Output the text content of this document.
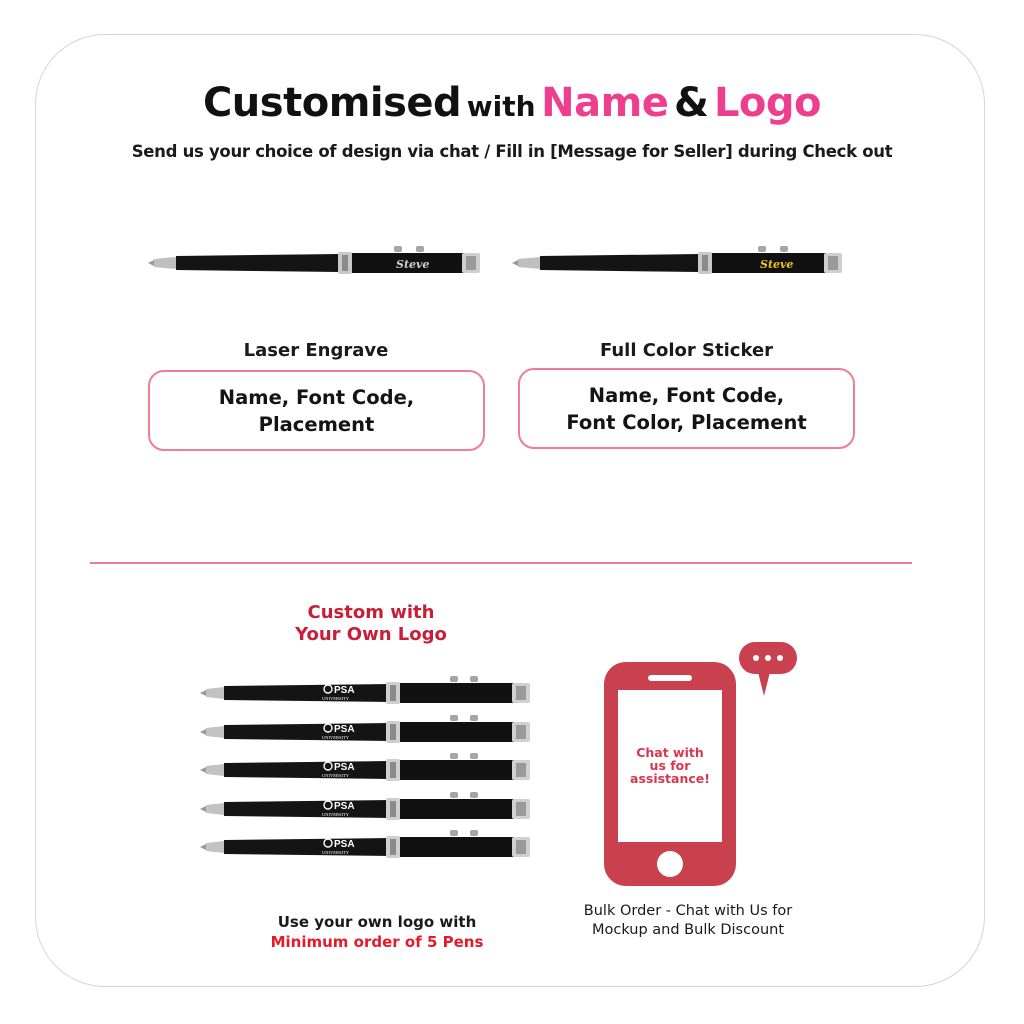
Customised with Name & Logo
Send us your choice of design via chat / Fill in [Message for Seller] during Check out
Steve	Steve
Laser Engrave
Name, Font Code,
Placement
Full Color Sticker
Name, Font Code,
Font Color, Placement
Custom with
Your Own Logo
PSA
UNIVERSITY
PSA
UNIVERSITY
PSA
UNIVERSITY
PSA
UNIVERSITY
PSA
UNIVERSITY
Use your own logo with
Minimum order of 5 Pens
Chat with
us for
assistance!
Bulk Order - Chat with Us for
Mockup and Bulk Discount
